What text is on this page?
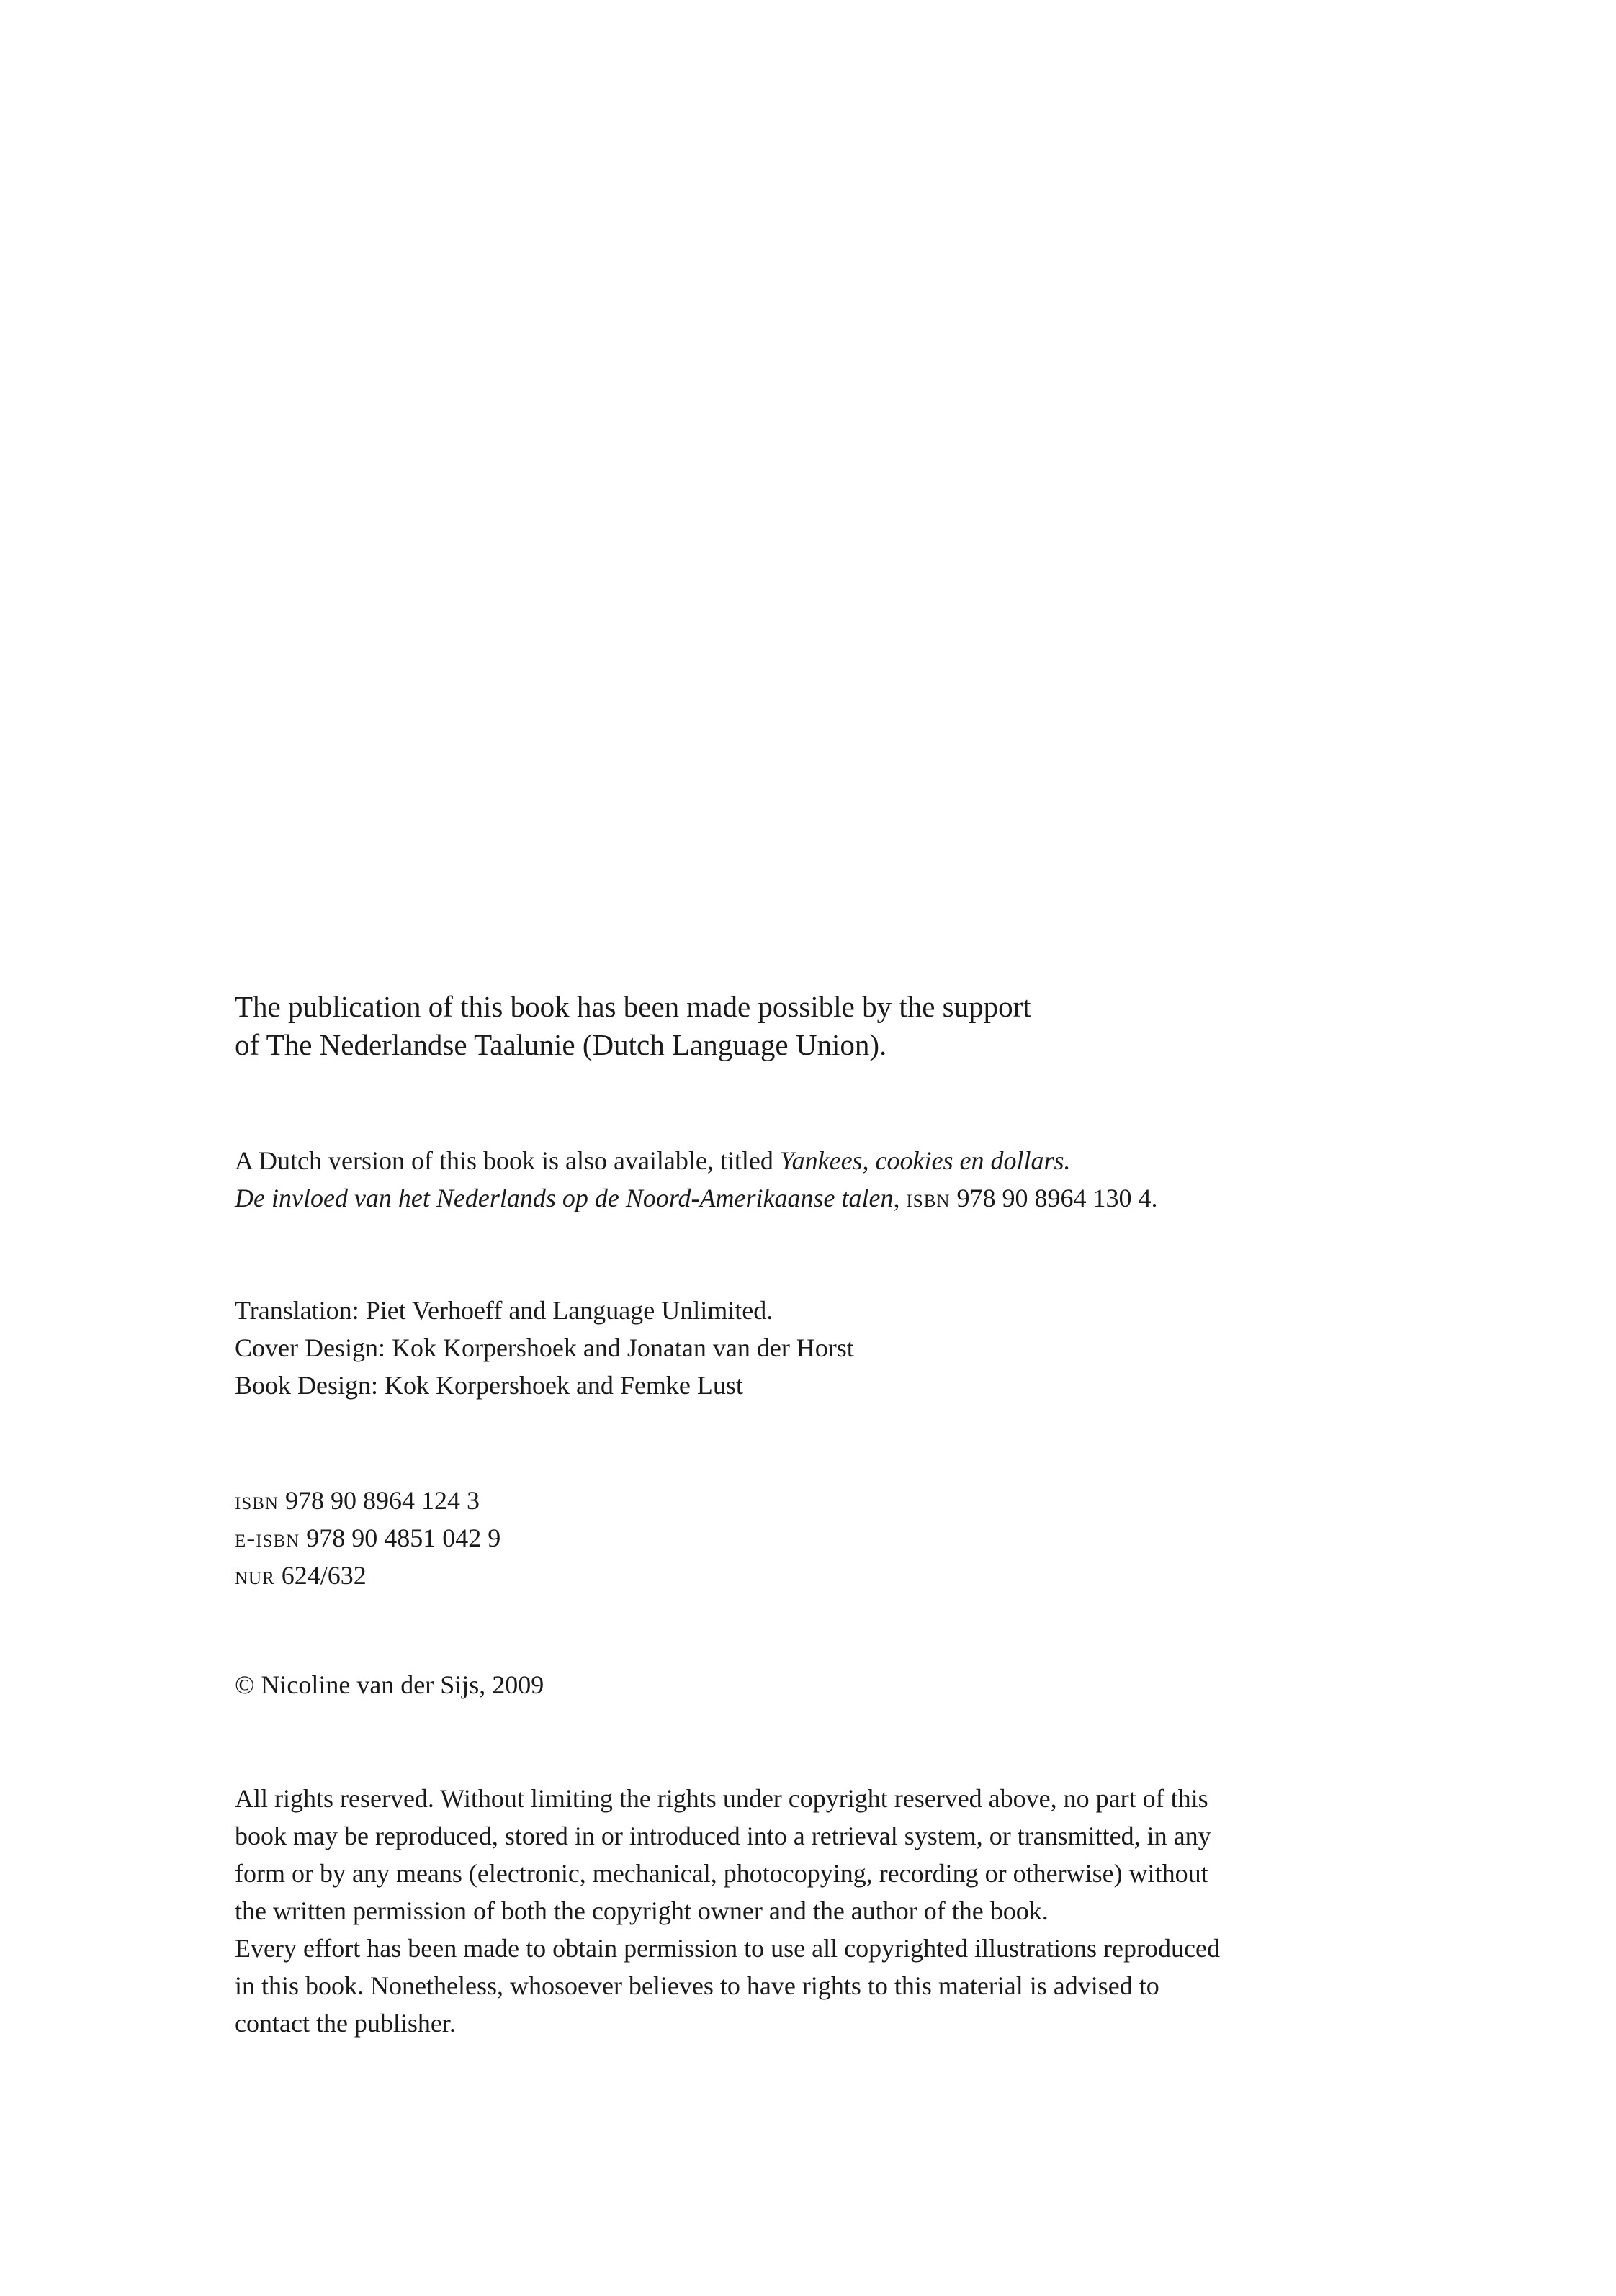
The publication of this book has been made possible by the support
of The Nederlandse Taalunie (Dutch Language Union).
A Dutch version of this book is also available, titled Yankees, cookies en dollars.
De invloed van het Nederlands op de Noord-Amerikaanse talen, isbn 978 90 8964 130 4.
Translation: Piet Verhoeff and Language Unlimited.
Cover Design: Kok Korpershoek and Jonatan van der Horst
Book Design: Kok Korpershoek and Femke Lust
isbn 978 90 8964 124 3
e-isbn 978 90 4851 042 9
nur 624/632
© Nicoline van der Sijs, 2009
All rights reserved. Without limiting the rights under copyright reserved above, no part of this
book may be reproduced, stored in or introduced into a retrieval system, or transmitted, in any
form or by any means (electronic, mechanical, photocopying, recording or otherwise) without
the written permission of both the copyright owner and the author of the book.
Every effort has been made to obtain permission to use all copyrighted illustrations reproduced
in this book. Nonetheless, whosoever believes to have rights to this material is advised to
contact the publisher.
